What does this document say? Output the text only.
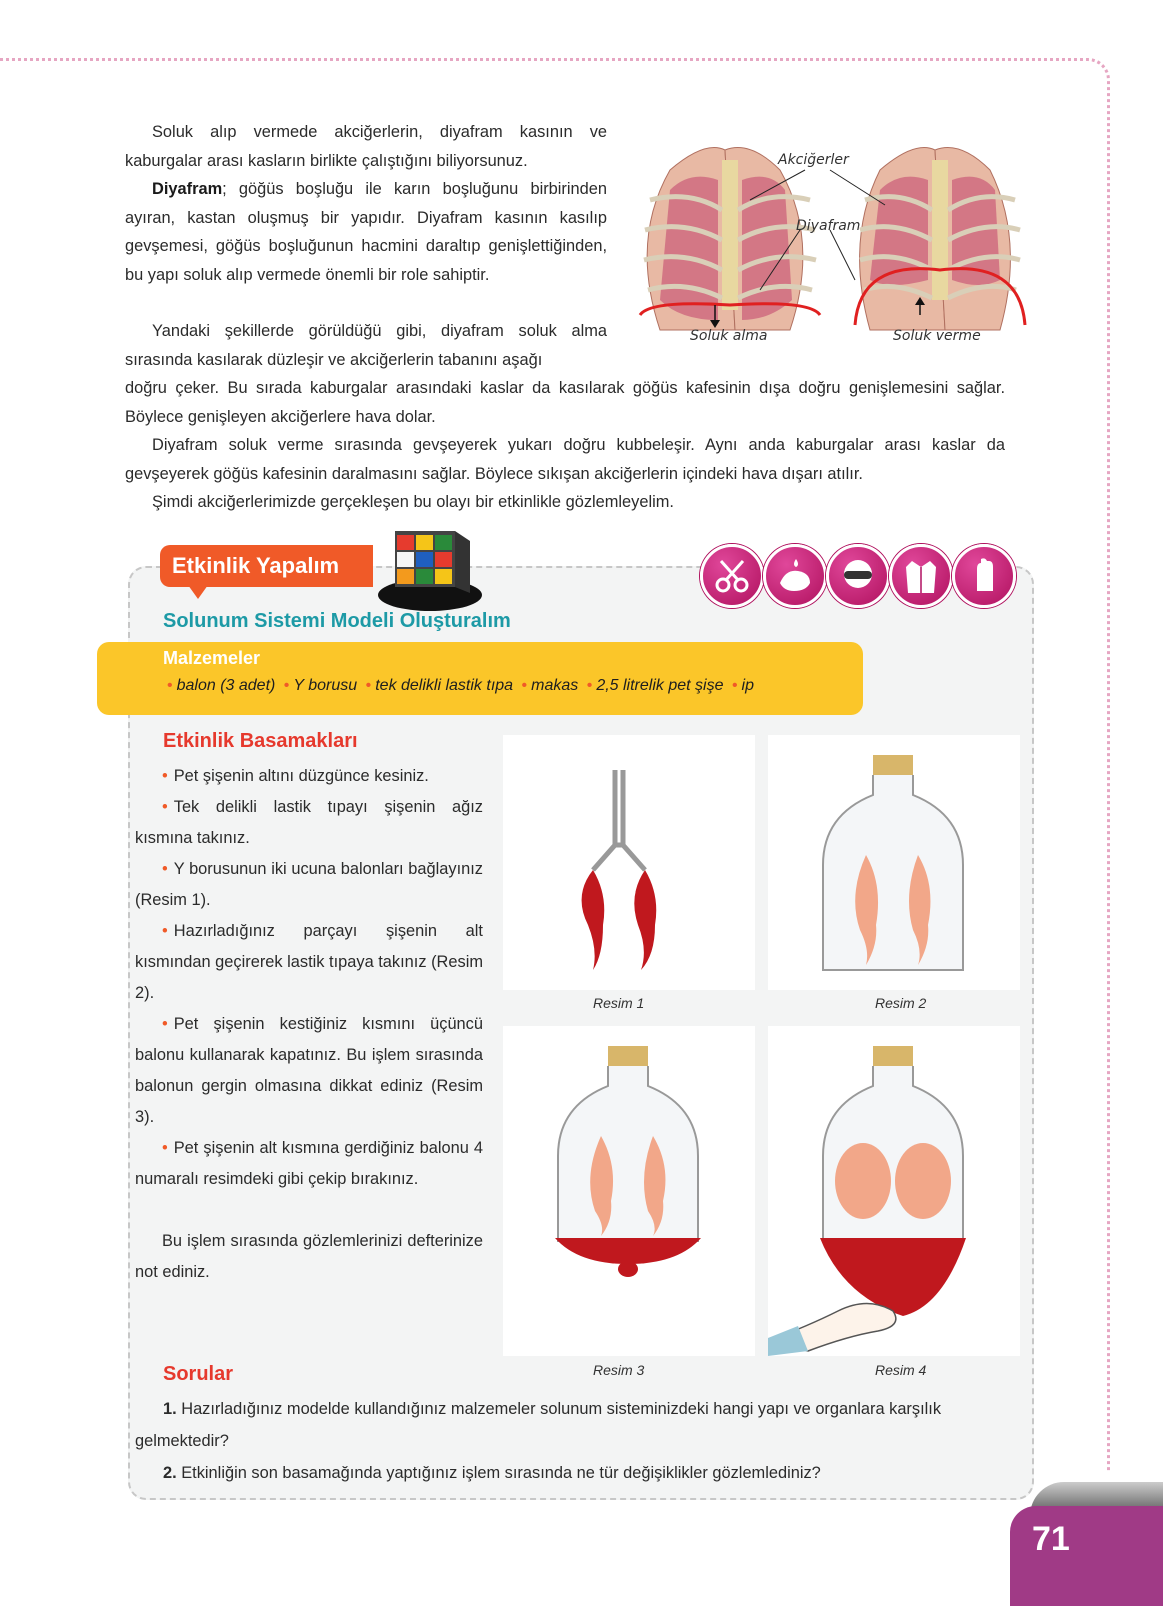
Soluk alıp vermede akciğerlerin, diyafram kasının ve kaburgalar arası kasların birlikte çalıştığını biliyorsunuz.

Diyafram; göğüs boşluğu ile karın boşluğunu birbirinden ayıran, kastan oluşmuş bir yapıdır. Diyafram kasının kasılıp gevşemesi, göğüs boşluğunun hacmini daraltıp genişlettiğinden, bu yapı soluk alıp vermede önemli bir role sahiptir.

Yandaki şekillerde görüldüğü gibi, diyafram soluk alma sırasında kasılarak düzleşir ve akciğerlerin tabanını aşağı

doğru çeker. Bu sırada kaburgalar arasındaki kaslar da kasılarak göğüs kafesinin dışa doğru genişlemesini sağlar. Böylece genişleyen akciğerlere hava dolar.

Diyafram soluk verme sırasında gevşeyerek yukarı doğru kubbeleşir. Aynı anda kaburgalar arası kaslar da gevşeyerek göğüs kafesinin daralmasını sağlar. Böylece sıkışan akciğerlerin içindeki hava dışarı atılır.

Şimdi akciğerlerimizde gerçekleşen bu olayı bir etkinlikle gözlemleyelim.

Akciğerler
Diyafram
Soluk alma	Soluk verme
Etkinlik Yapalım
Solunum Sistemi Modeli Oluşturalım
Malzemeler
• balon (3 adet) • Y borusu • tek delikli lastik tıpa • makas • 2,5 litrelik pet şişe • ip
Etkinlik Basamakları

• Pet şişenin altını düzgünce kesiniz.

• Tek delikli lastik tıpayı şişenin ağız kısmına takınız.

• Y borusunun iki ucuna balonları bağlayınız (Resim 1).

• Hazırladığınız parçayı şişenin alt kısmından geçirerek lastik tıpaya takınız (Resim 2).

• Pet şişenin kestiğiniz kısmını üçüncü balonu kullanarak kapatınız. Bu işlem sırasında balonun gergin olmasına dikkat ediniz (Resim 3).

• Pet şişenin alt kısmına gerdiğiniz balonu 4 numaralı resimdeki gibi çekip bırakınız.

Bu işlem sırasında gözlemlerinizi defterinize not ediniz.

Resim 1	Resim 2
Resim 3	Resim 4
Sorular
1. Hazırladığınız modelde kullandığınız malzemeler solunum sisteminizdeki hangi yapı ve organlara karşılık gelmektedir?
2. Etkinliğin son basamağında yaptığınız işlem sırasında ne tür değişiklikler gözlemlediniz?
71
